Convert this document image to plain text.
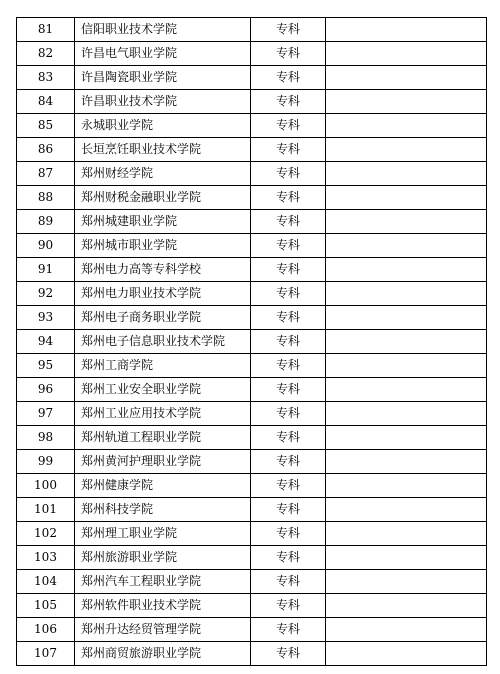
81	信阳职业技术学院	专科	
82	许昌电气职业学院	专科	
83	许昌陶瓷职业学院	专科	
84	许昌职业技术学院	专科	
85	永城职业学院	专科	
86	长垣烹饪职业技术学院	专科	
87	郑州财经学院	专科	
88	郑州财税金融职业学院	专科	
89	郑州城建职业学院	专科	
90	郑州城市职业学院	专科	
91	郑州电力高等专科学校	专科	
92	郑州电力职业技术学院	专科	
93	郑州电子商务职业学院	专科	
94	郑州电子信息职业技术学院	专科	
95	郑州工商学院	专科	
96	郑州工业安全职业学院	专科	
97	郑州工业应用技术学院	专科	
98	郑州轨道工程职业学院	专科	
99	郑州黄河护理职业学院	专科	
100	郑州健康学院	专科	
101	郑州科技学院	专科	
102	郑州理工职业学院	专科	
103	郑州旅游职业学院	专科	
104	郑州汽车工程职业学院	专科	
105	郑州软件职业技术学院	专科	
106	郑州升达经贸管理学院	专科	
107	郑州商贸旅游职业学院	专科	
